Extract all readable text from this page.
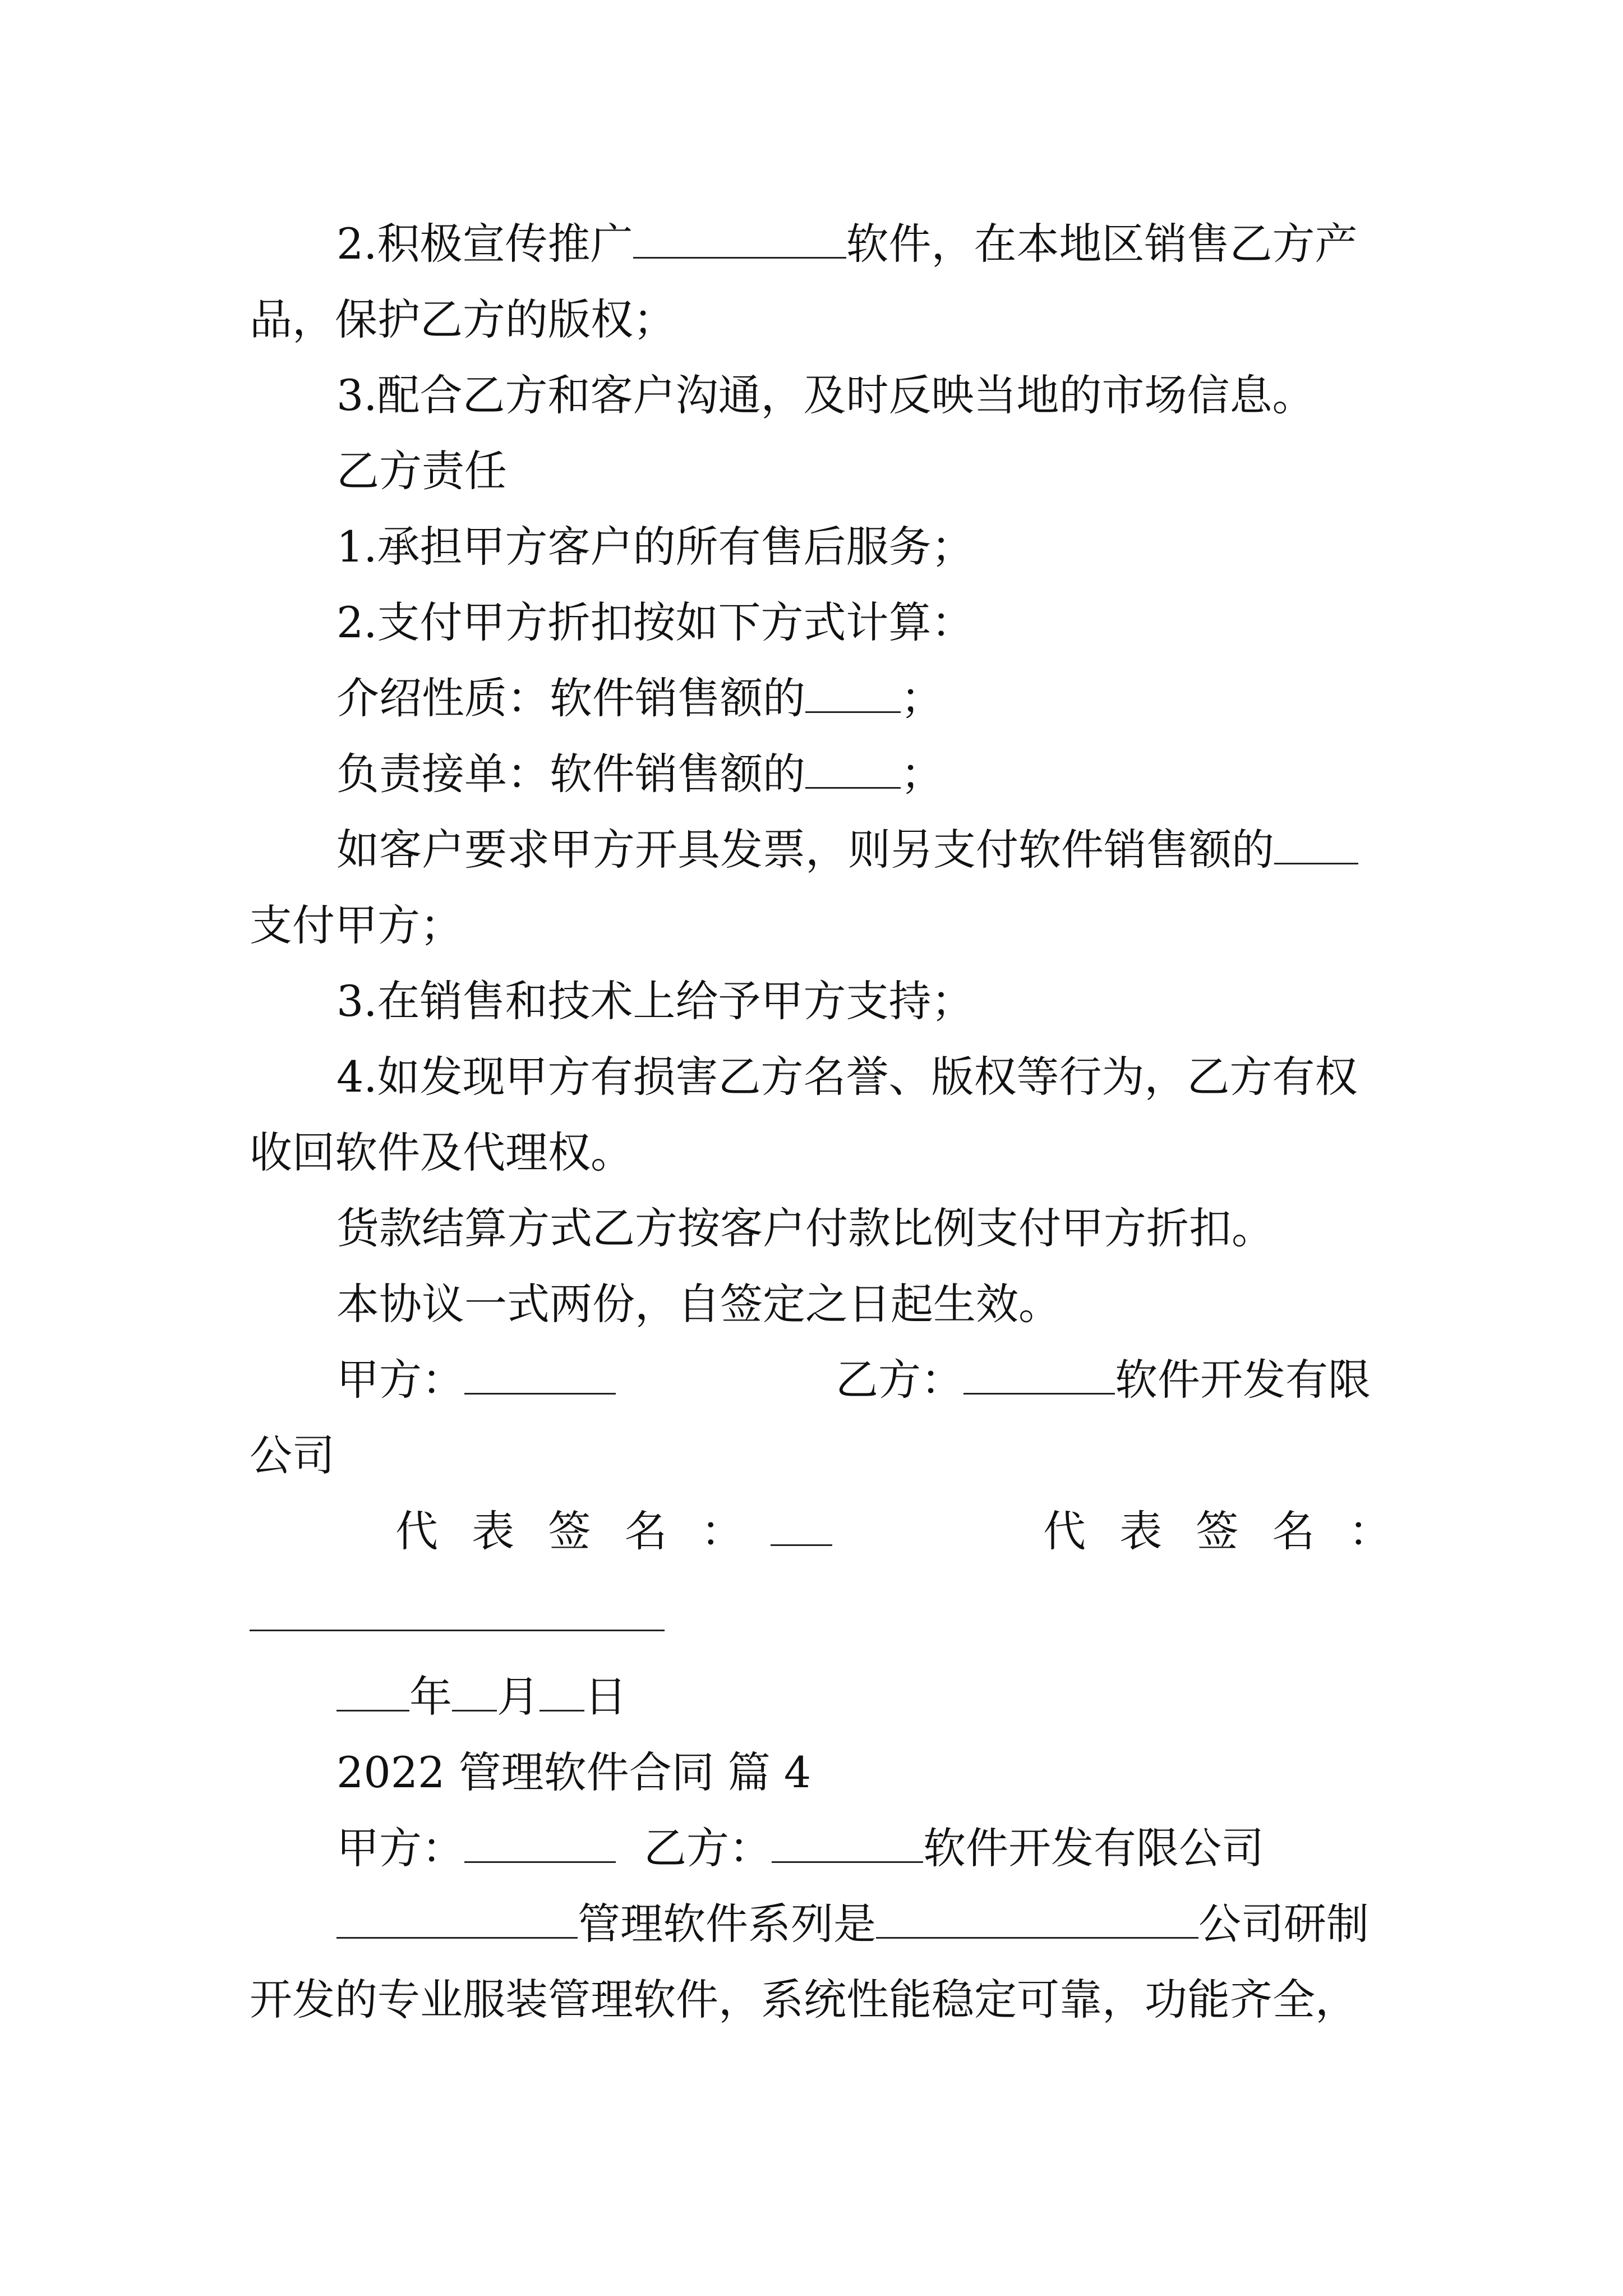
2.积极宣传推广	软件，在本地区销售乙方产
品，保护乙方的版权；
3.配合乙方和客户沟通，及时反映当地的市场信息。
乙方责任
1.承担甲方客户的所有售后服务；
2.支付甲方折扣按如下方式计算：
介绍性质：软件销售额的 ；
负责接单：软件销售额的 ；
如客户要求甲方开具发票，则另支付软件销售额的
支付甲方；
3.在销售和技术上给予甲方支持；
4.如发现甲方有损害乙方名誉、版权等行为，乙方有权
收回软件及代理权。
货款结算方式乙方按客户付款比例支付甲方折扣。
本协议一式两份，自签定之日起生效。
甲方：	乙方：	软件开发有限
公司
代 表 签 名 ：	代 表 签 名 ：
年 月 日
2022 管理软件合同 篇 4
甲方：	乙方：	软件开发有限公司
管理软件系列是	公司研制
开发的专业服装管理软件，系统性能稳定可靠，功能齐全，
